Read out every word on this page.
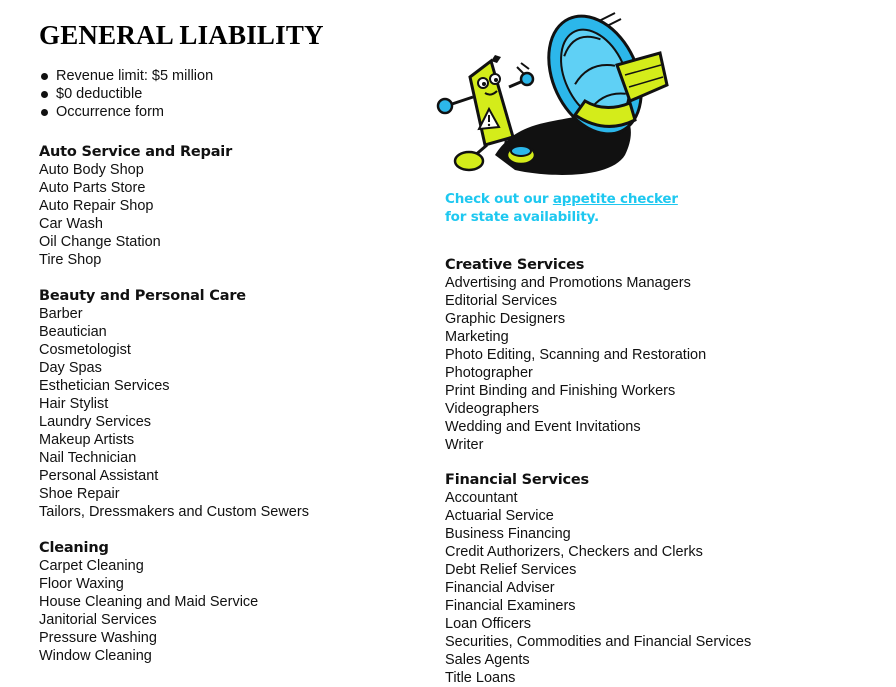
GENERAL LIABILITY
Revenue limit: $5 million
$0 deductible
Occurrence form

Check out our appetite checker
for state availability.

Auto Service and Repair
Auto Body Shop
Auto Parts Store
Auto Repair Shop
Car Wash
Oil Change Station
Tire Shop
Beauty and Personal Care
Barber
Beautician
Cosmetologist
Day Spas
Esthetician Services
Hair Stylist
Laundry Services
Makeup Artists
Nail Technician
Personal Assistant
Shoe Repair
Tailors, Dressmakers and Custom Sewers
Cleaning
Carpet Cleaning
Floor Waxing
House Cleaning and Maid Service
Janitorial Services
Pressure Washing
Window Cleaning
Creative Services
Advertising and Promotions Managers
Editorial Services
Graphic Designers
Marketing
Photo Editing, Scanning and Restoration
Photographer
Print Binding and Finishing Workers
Videographers
Wedding and Event Invitations
Writer
Financial Services
Accountant
Actuarial Service
Business Financing
Credit Authorizers, Checkers and Clerks
Debt Relief Services
Financial Adviser
Financial Examiners
Loan Officers
Securities, Commodities and Financial Services
Sales Agents
Title Loans
